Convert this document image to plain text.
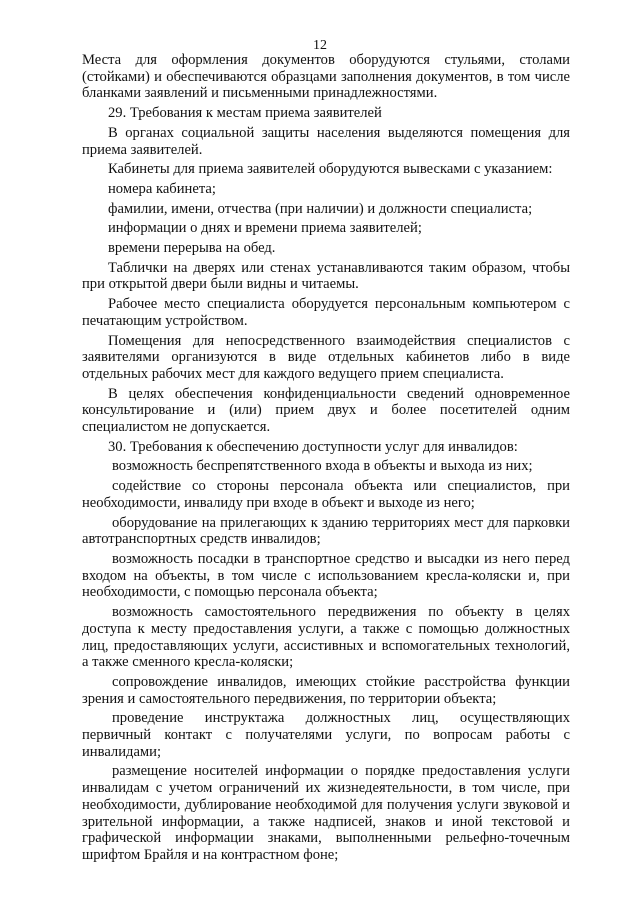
12

Места для оформления документов оборудуются стульями, столами (стойками) и обеспечиваются образцами заполнения документов, в том числе бланками заявлений и письменными принадлежностями.

29. Требования к местам приема заявителей

В органах социальной защиты населения выделяются помещения для приема заявителей.

Кабинеты для приема заявителей оборудуются вывесками с указанием:

номера кабинета;

фамилии, имени, отчества (при наличии) и должности специалиста;

информации о днях и времени приема заявителей;

времени перерыва на обед.

Таблички на дверях или стенах устанавливаются таким образом, чтобы при открытой двери были видны и читаемы.

Рабочее место специалиста оборудуется персональным компьютером с печатающим устройством.

Помещения для непосредственного взаимодействия специалистов с заявителями организуются в виде отдельных кабинетов либо в виде отдельных рабочих мест для каждого ведущего прием специалиста.

В целях обеспечения конфиденциальности сведений одновременное консультирование и (или) прием двух и более посетителей одним специалистом не допускается.

30. Требования к обеспечению доступности услуг для инвалидов:

возможность беспрепятственного входа в объекты и выхода из них;

содействие со стороны персонала объекта или специалистов, при необходимости, инвалиду при входе в объект и выходе из него;

оборудование на прилегающих к зданию территориях мест для парковки автотранспортных средств инвалидов;

возможность посадки в транспортное средство и высадки из него перед входом на объекты, в том числе с использованием кресла-коляски и, при необходимости, с помощью персонала объекта;

возможность самостоятельного передвижения по объекту в целях доступа к месту предоставления услуги, а также с помощью должностных лиц, предоставляющих услуги, ассистивных и вспомогательных технологий, а также сменного кресла-коляски;

сопровождение инвалидов, имеющих стойкие расстройства функции зрения и самостоятельного передвижения, по территории объекта;

проведение инструктажа должностных лиц, осуществляющих первичный контакт с получателями услуги, по вопросам работы с инвалидами;

размещение носителей информации о порядке предоставления услуги инвалидам с учетом ограничений их жизнедеятельности, в том числе, при необходимости, дублирование необходимой для получения услуги звуковой и зрительной информации, а также надписей, знаков и иной текстовой и графической информации знаками, выполненными рельефно-точечным шрифтом Брайля и на контрастном фоне;
